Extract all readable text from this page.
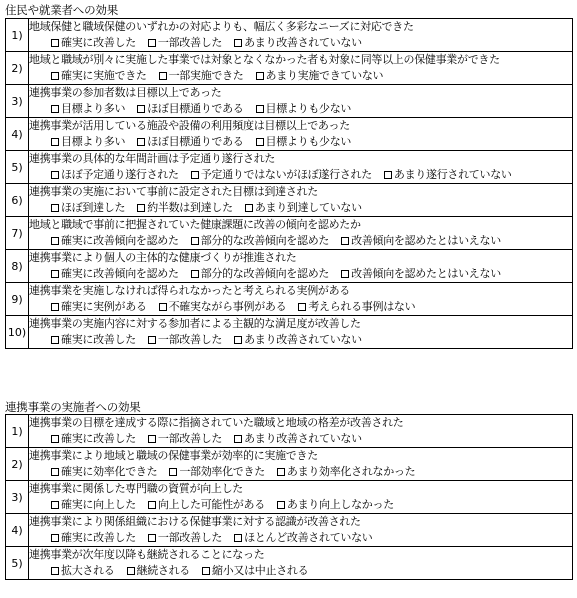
住民や就業者への効果
1)	地域保健と職域保健のいずれかの対応よりも、幅広く多彩なニーズに対応できた
確実に改善した 一部改善した あまり改善されていない

2)	地域と職域が別々に実施した事業では対象となくなかった者も対象に同等以上の保健事業ができた
確実に実施できた 一部実施できた あまり実施できていない

3)	連携事業の参加者数は目標以上であった
目標より多い ほぼ目標通りである 目標よりも少ない

4)	連携事業が活用している施設や設備の利用頻度は目標以上であった
目標より多い ほぼ目標通りである 目標よりも少ない

5)	連携事業の具体的な年間計画は予定通り遂行された
ほぼ予定通り遂行された 予定通りではないがほぼ遂行された あまり遂行されていない

6)	連携事業の実施において事前に設定された目標は到達された
ほぼ到達した 約半数は到達した あまり到達していない

7)	地域と職域で事前に把握されていた健康課題に改善の傾向を認めたか
確実に改善傾向を認めた 部分的な改善傾向を認めた 改善傾向を認めたとはいえない

8)	連携事業により個人の主体的な健康づくりが推進された
確実に改善傾向を認めた 部分的な改善傾向を認めた 改善傾向を認めたとはいえない

9)	連携事業を実施しなければ得られなかったと考えられる実例がある
確実に実例がある 不確実ながら事例がある 考えられる事例はない

10)	連携事業の実施内容に対する参加者による主観的な満足度が改善した
確実に改善した 一部改善した あまり改善されていない
連携事業の実施者への効果
1)	連携事業の目標を達成する際に指摘されていた職域と地域の格差が改善された
確実に改善した 一部改善した あまり改善されていない

2)	連携事業により地域と職域の保健事業が効率的に実施できた
確実に効率化できた 一部効率化できた あまり効率化されなかった

3)	連携事業に関係した専門職の資質が向上した
確実に向上した 向上した可能性がある あまり向上しなかった

4)	連携事業により関係組織における保健事業に対する認識が改善された
確実に改善した 一部改善した ほとんど改善されていない

5)	連携事業が次年度以降も継続されることになった
拡大される 継続される 縮小又は中止される
